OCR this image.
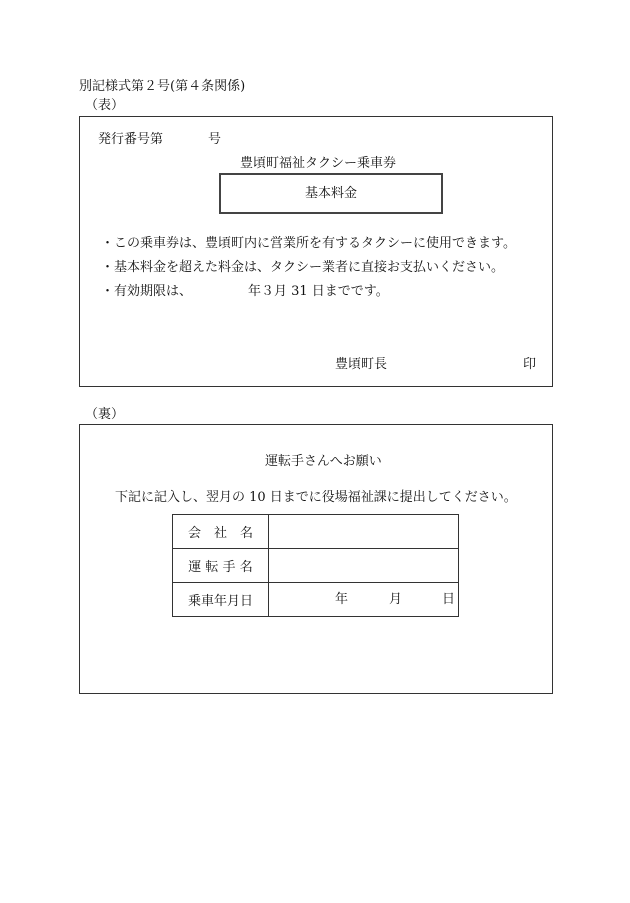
別記様式第２号(第４条関係)
（表）
発行番号第	号
豊頃町福祉タクシー乗車券
基本料金
・この乗車券は、豊頃町内に営業所を有するタクシーに使用できます。
・基本料金を超えた料金は、タクシー業者に直接お支払いください。
・有効期限は、	年３月 31 日までです。
豊頃町長	印
（裏）
運転手さんへお願い
下記に記入し、翌月の 10 日までに役場福祉課に提出してください。
会　社　名	
運 転 手 名	
乗車年月日	年 月 日
